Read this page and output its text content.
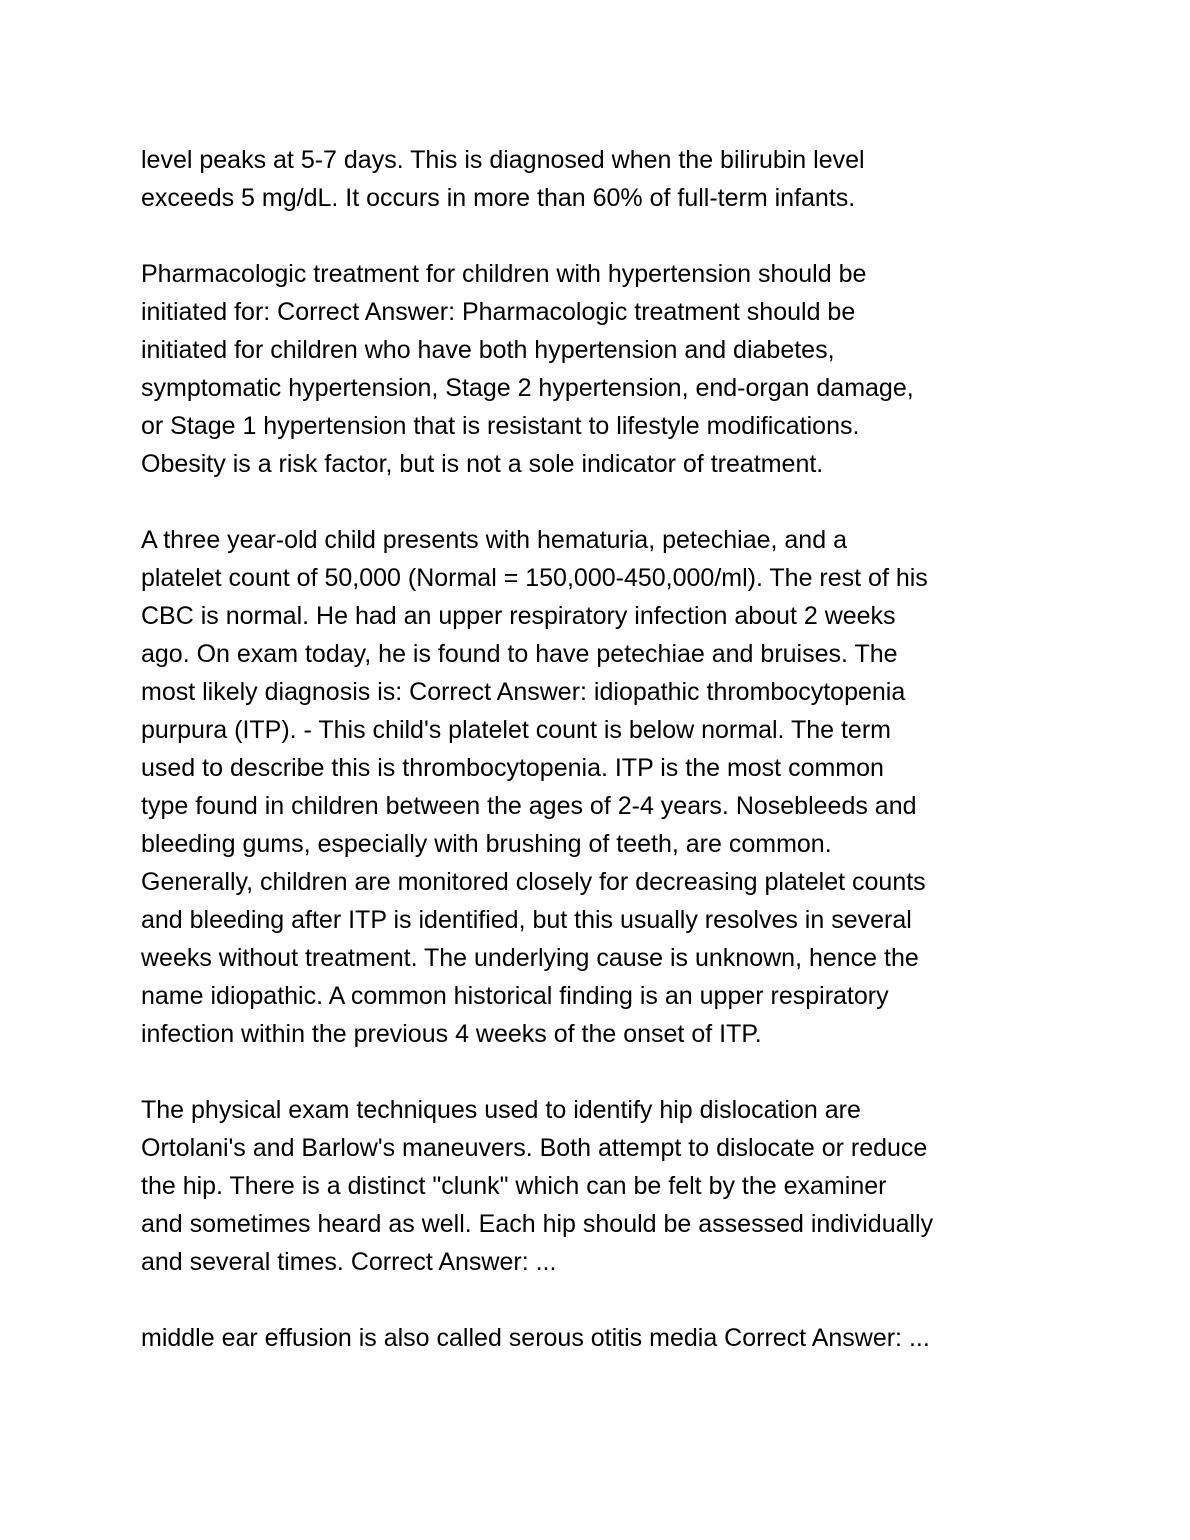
level peaks at 5-7 days. This is diagnosed when the bilirubin level
exceeds 5 mg/dL. It occurs in more than 60% of full-term infants.

Pharmacologic treatment for children with hypertension should be
initiated for: Correct Answer: Pharmacologic treatment should be
initiated for children who have both hypertension and diabetes,
symptomatic hypertension, Stage 2 hypertension, end-organ damage,
or Stage 1 hypertension that is resistant to lifestyle modifications.
Obesity is a risk factor, but is not a sole indicator of treatment.

A three year-old child presents with hematuria, petechiae, and a
platelet count of 50,000 (Normal = 150,000-450,000/ml). The rest of his
CBC is normal. He had an upper respiratory infection about 2 weeks
ago. On exam today, he is found to have petechiae and bruises. The
most likely diagnosis is: Correct Answer: idiopathic thrombocytopenia
purpura (ITP). - This child's platelet count is below normal. The term
used to describe this is thrombocytopenia. ITP is the most common
type found in children between the ages of 2-4 years. Nosebleeds and
bleeding gums, especially with brushing of teeth, are common.
Generally, children are monitored closely for decreasing platelet counts
and bleeding after ITP is identified, but this usually resolves in several
weeks without treatment. The underlying cause is unknown, hence the
name idiopathic. A common historical finding is an upper respiratory
infection within the previous 4 weeks of the onset of ITP.

The physical exam techniques used to identify hip dislocation are
Ortolani's and Barlow's maneuvers. Both attempt to dislocate or reduce
the hip. There is a distinct "clunk" which can be felt by the examiner
and sometimes heard as well. Each hip should be assessed individually
and several times. Correct Answer: ...

middle ear effusion is also called serous otitis media Correct Answer: ...
